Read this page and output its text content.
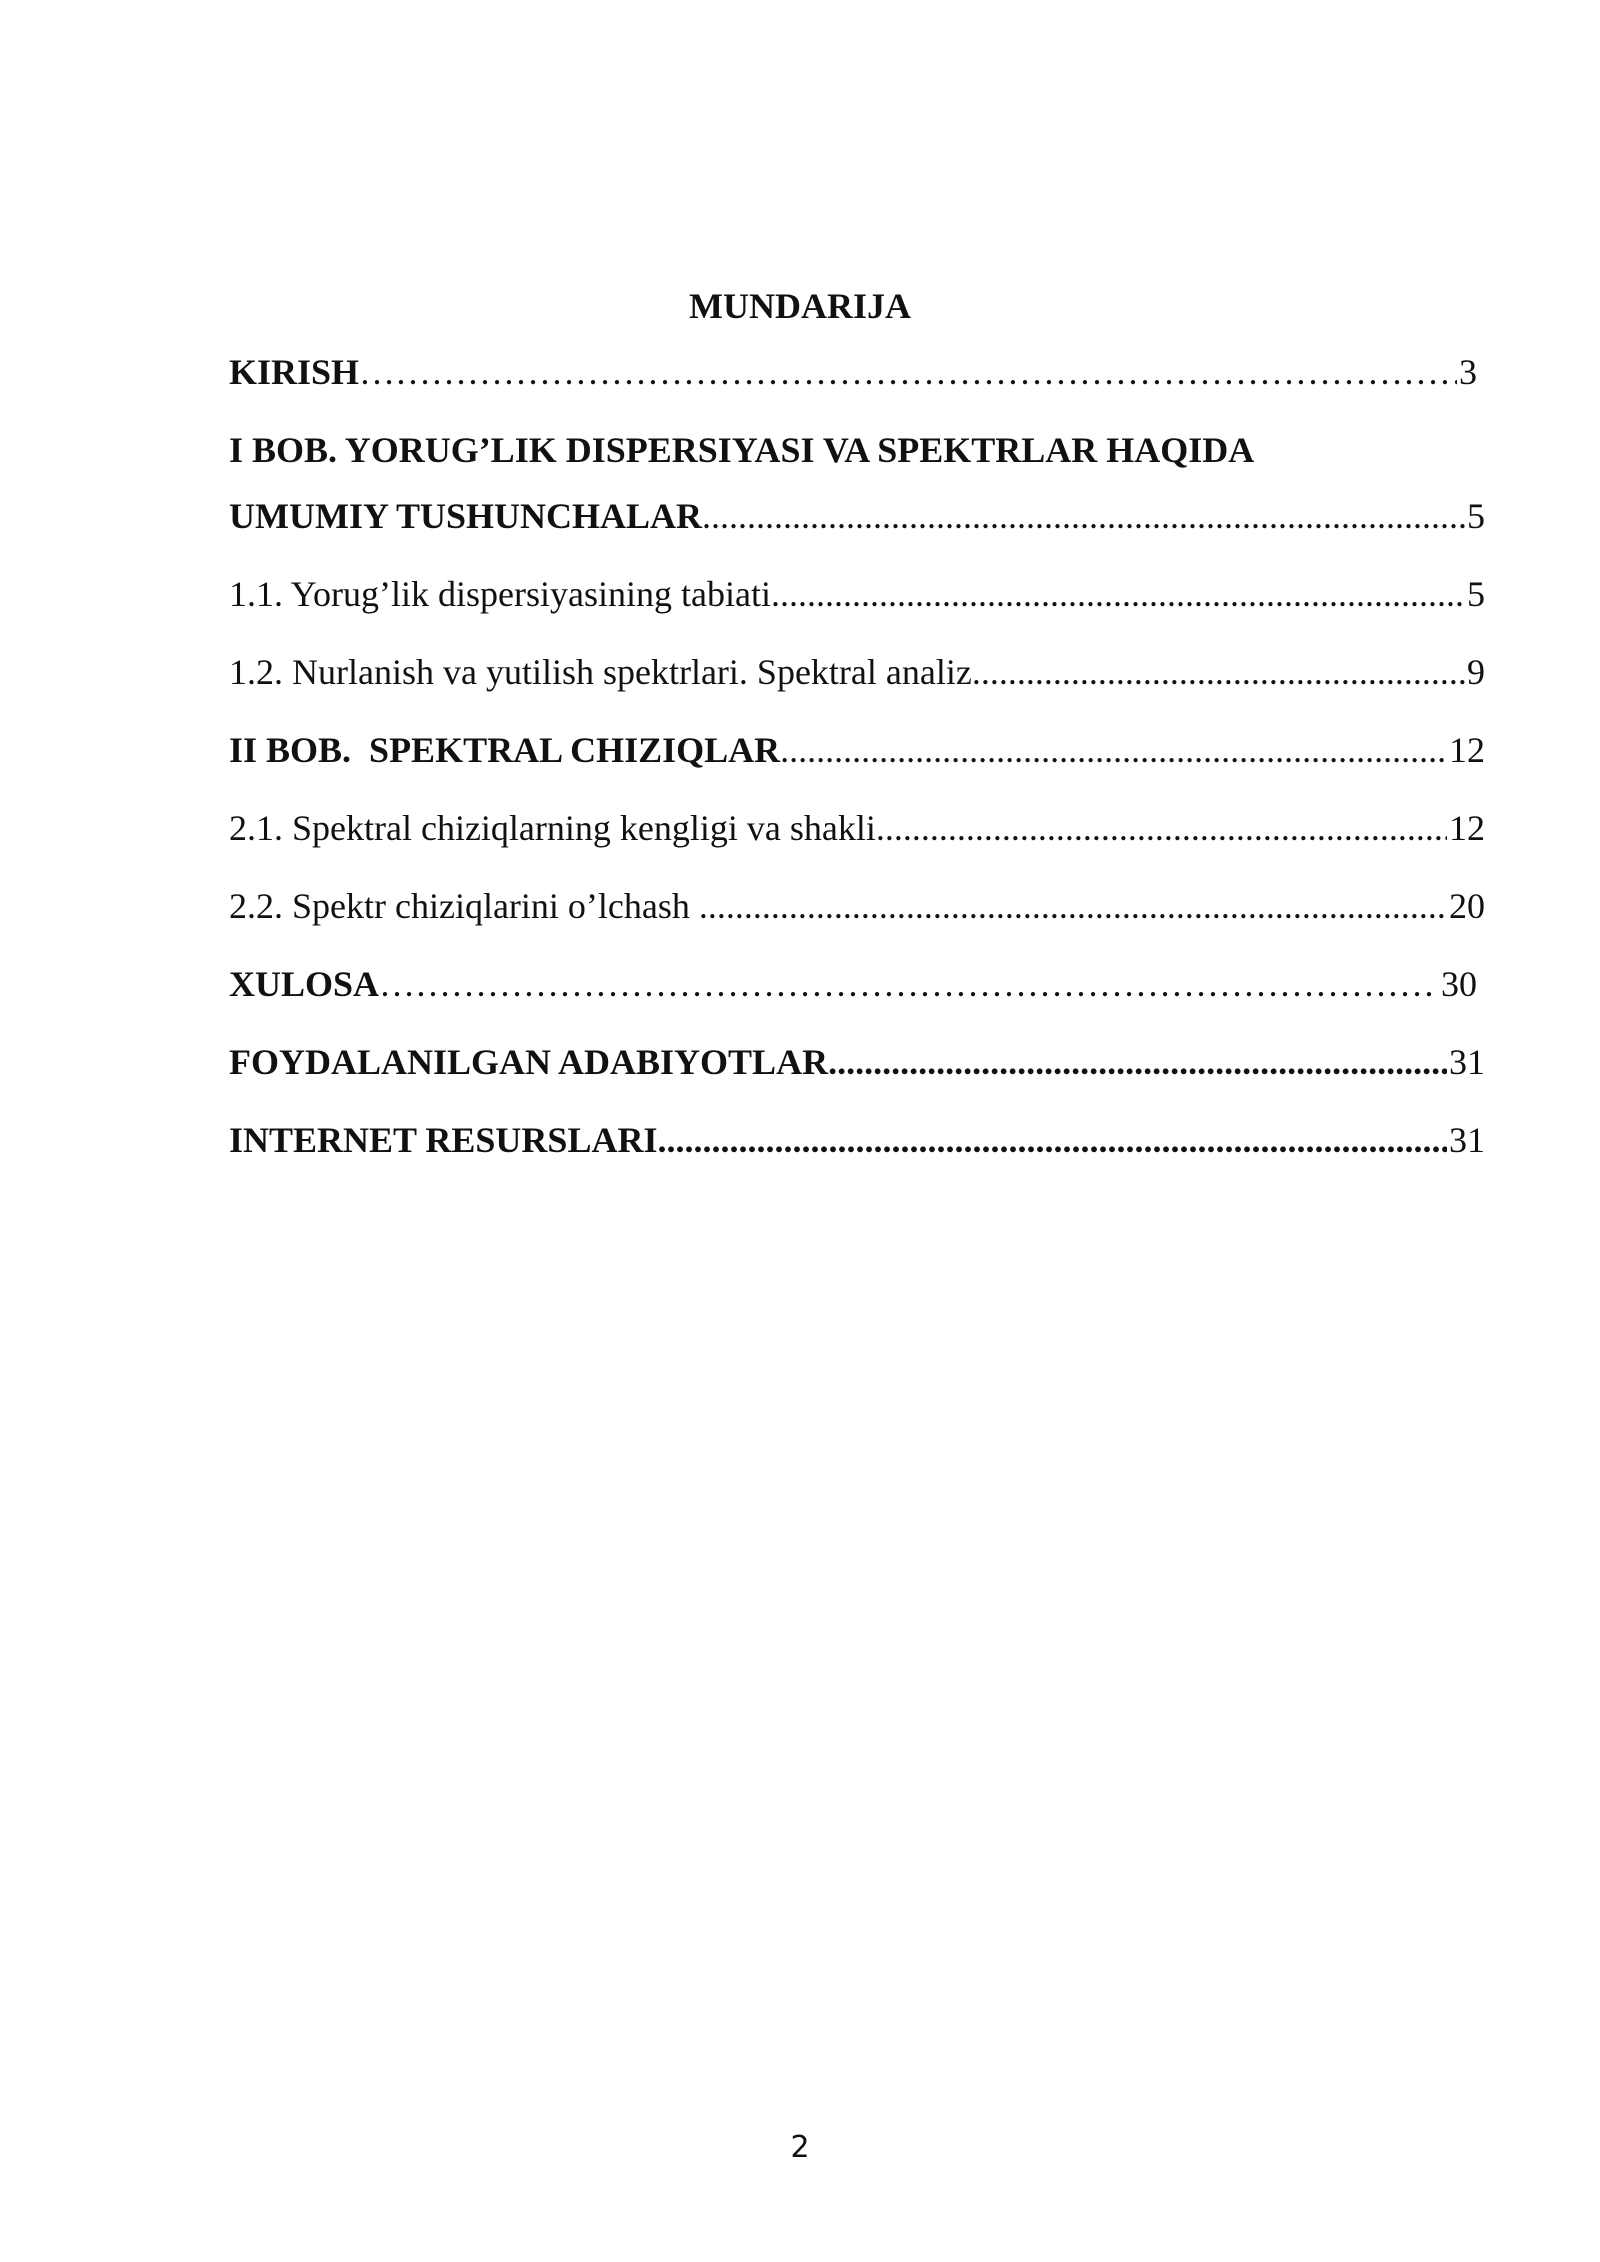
MUNDARIJA
KIRISH ………………………………………………………………………………………………………………………………………………………………………………………………………………………………	3
I BOB. YORUG’LIK DISPERSIYASI VA SPEKTRLAR HAQIDA
UMUMIY TUSHUNCHALAR .....	5
1.1. Yorug’lik dispersiyasining tabiati .....	5
1.2. Nurlanish va yutilish spektrlari. Spektral analiz .....	9
II BOB.  SPEKTRAL CHIZIQLAR .....	12
2.1. Spektral chiziqlarning kengligi va shakli .....	12
2.2. Spektr chiziqlarini o’lchash .....	20
XULOSA ………………………………………………………………………………………………………………………………………………………………………………………………………………………………	30
FOYDALANILGAN ADABIYOTLAR .....	31
INTERNET RESURSLARI .....	31
2
